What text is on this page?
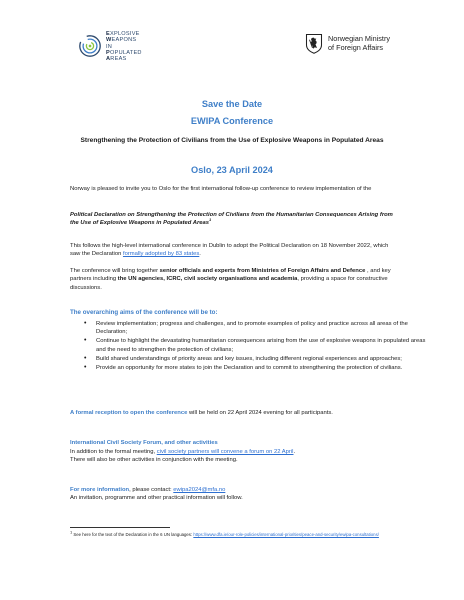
EXPLOSIVE
WEAPONS
IN
POPULATED
AREAS
Norwegian Ministry
of Foreign Affairs
Save the Date
EWIPA Conference
Strengthening the Protection of Civilians from the Use of Explosive Weapons in Populated Areas
Oslo, 23 April 2024
Norway is pleased to invite you to Oslo for the first international follow-up conference to review implementation of the
Political Declaration on Strengthening the Protection of Civilians from the Humanitarian Consequences Arising from the Use of Explosive Weapons in Populated Areas$^1$
This follows the high-level international conference in Dublin to adopt the Political Declaration on 18 November 2022, which saw the Declaration formally adopted by 83 states.
The conference will bring together senior officials and experts from Ministries of Foreign Affairs and Defence , and key partners including the UN agencies, ICRC, civil society organisations and academia, providing a space for constructive discussions.
The overarching aims of the conference will be to:
• Review implementation; progress and challenges, and to promote examples of policy and practice across all areas of the Declaration;
• Continue to highlight the devastating humanitarian consequences arising from the use of explosive weapons in populated areas and the need to strengthen the protection of civilians;
• Build shared understandings of priority areas and key issues, including different regional experiences and approaches;
• Provide an opportunity for more states to join the Declaration and to commit to strengthening the protection of civilians.
A formal reception to open the conference will be held on 22 April 2024 evening for all participants.
International Civil Society Forum, and other activities
In addition to the formal meeting, civil society partners will convene a forum on 22 April.
There will also be other activities in conjunction with the meeting.
For more information, please contact: ewipa2024@mfa.no
An invitation, programme and other practical information will follow.
$^1$ See here for the text of the Declaration in the 6 UN languages: https://www.dfa.ie/our-role-policies/international-priorities/peace-and-security/ewipa-consultations/
